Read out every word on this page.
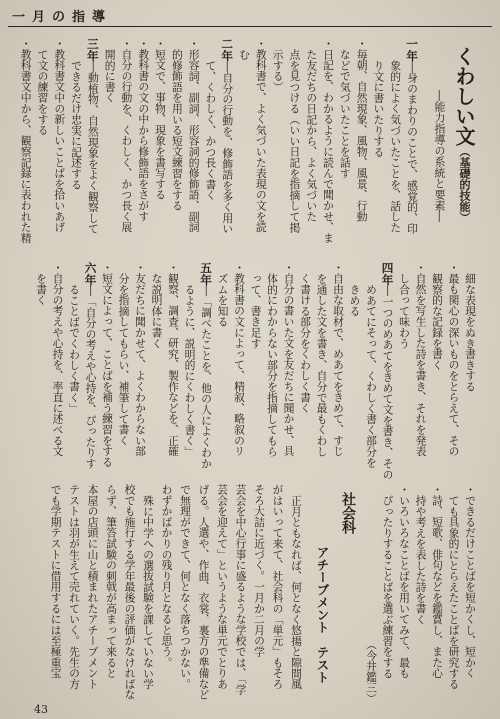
一月の指導
くわしい文（基礎的技能）
―能力指導の系統と要素―
一年―身のまわりのことで、感覚的、印
象的によく気づいたことを、話した
り文に書いたりする
・毎朝、自然現象、風物、風景、行動
などで気づいたことを話す
・日記を、わかるように読んで聞かせ、ま
た友だちの日記から、よく気づいた
点を見つける（いい日記を指摘して掲
示する）
・教科書で、よく気づいた表現の文を読
む
二年―自分の行動を、修飾語を多く用い
て、くわしく、かつ長く書く
・形容詞、副詞、形容詞的修飾語、副詞
的修飾語を用いる短文練習をする
・短文で、事物、現象を書写する
・教科書の文の中から修飾語をさがす
・自分の行動を、くわしく、かつ長く展
開的に書く
三年―動植物、自然現象をよく観察して
できるだけ忠実に記述する
・教科書文中の新しいことばを拾いあげ
て文の練習をする
・教科書文中から、観察記録に表われた精
細な表現をぬき書きする
・最も関心の深いものをとらえて、その
観察的な記録を書く
・自然を写生した詩を書き、それを発表
し合って味わう
四年―一つのめあてをきめて文を書き、その
めあてにそって、くわしく書く部分を
きめる
・自由な取材で、めあてをきめて、すじ
を通した文を書き、自分で最もくわし
く書ける部分をくわしく書く
・自分の書いた文を友だちに聞かせ、具
体的にわからない部分を指摘してもら
って、書き足す
・教科書の文によって、精叙、略叙のリ
ズムを知る
五年―「調べたことを、他の人によくわか
るように、説明的にくわしく書く」
・観察、調査、研究、製作などを、正確
な説明体に書く
・友だちに聞かせて、よくわからない部
分を指摘してもらい、補筆して書く
・短文によって、ことばを補う練習をする
六年―「自分の考えや心持を、ぴったりす
ることばでくわしく書く」
・自分の考えや心持を、率直に述べる文
を書く
・できるだけことばを短かくし、短かく
ても具象的にとらえたことばを研究する
・詩、短歌、俳句などを鑑賞し、また心
持や考えを表した詩を書く
・いろいろなことばを用いてみて、最も
ぴったりすることばを選ぶ練習をする
（今井鑑三）
社会科
アチーブメント　テスト
正月ともなれば、何となく悠揚と隙間風
がはいって来て、社会科の「単元」もそろ
そろ大詰に近づく。一月か二月の学
芸会を中心行事に盛るような学校では、「学
芸会を迎えて」というような単元でとりあ
げる。人選や、作曲、衣裳、裏方の準備など
で無理ができて、何となく落ちつかない。
わずかばかりの残り月となると思う。
殊に中学への選抜試験を課していない学
校でも施行する学年最後の評価がなければな
らず、筆答試験の刺戟が高まって来ると
本屋の店頭に山と積まれたアチーブメント
テストは羽が生えて売れていく。先生の方
でも学期テストに借用するには至極重宝
43
